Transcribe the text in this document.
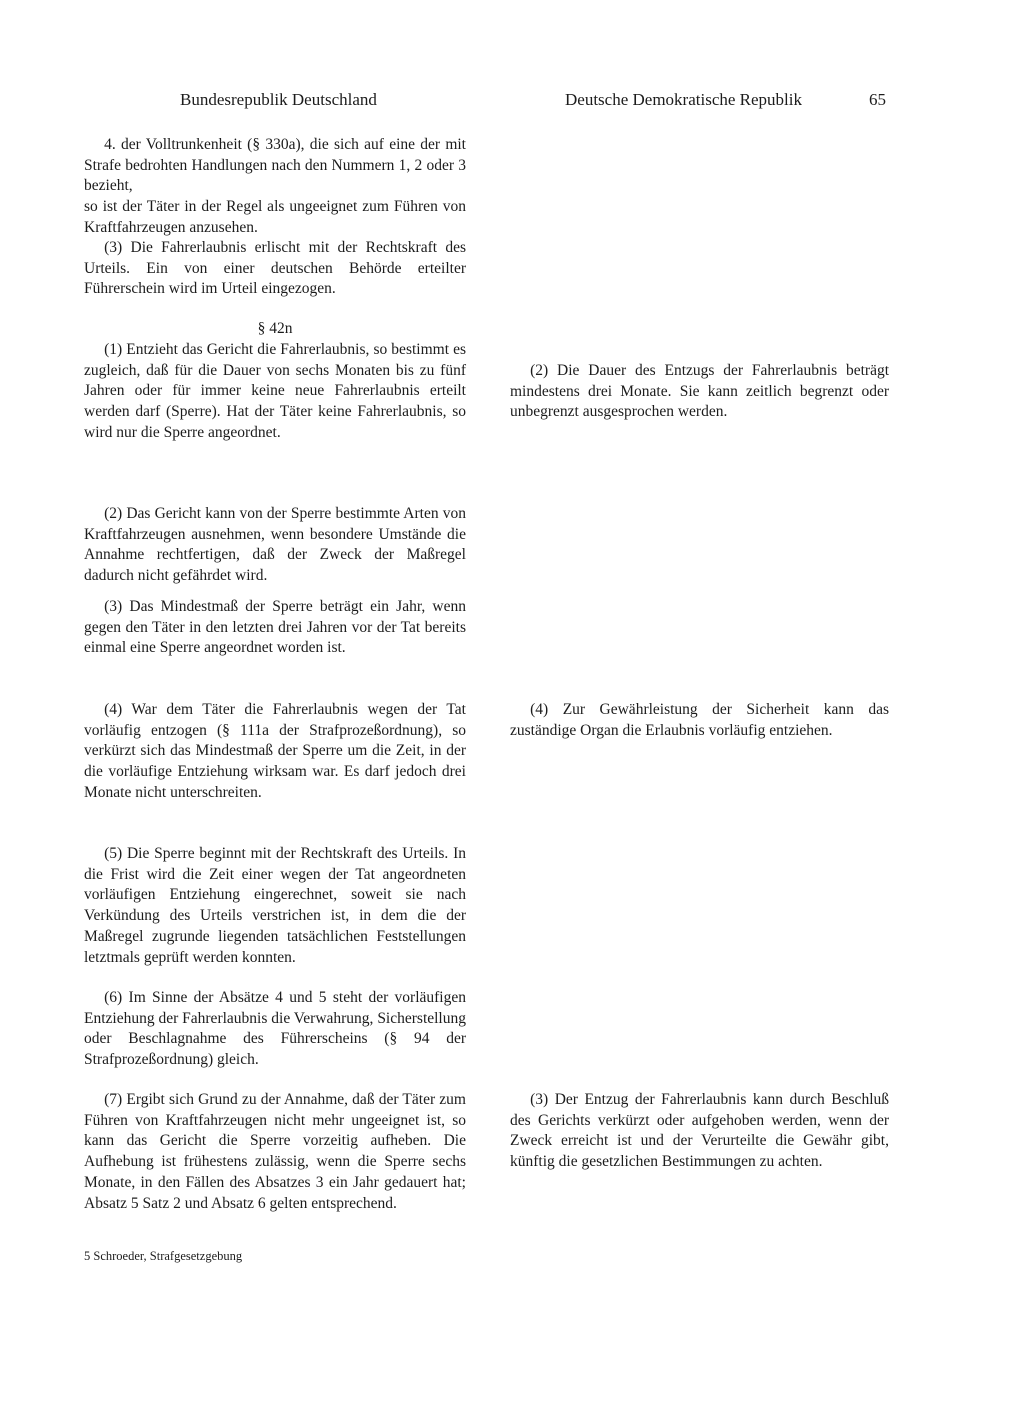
Bundesrepublik Deutschland	Deutsche Demokratische Republik	65

4. der Volltrunkenheit (§ 330a), die sich auf eine der mit Strafe bedrohten Handlungen nach den Nummern 1, 2 oder 3 bezieht,

so ist der Täter in der Regel als ungeeignet zum Führen von Kraftfahrzeugen anzusehen.

(3) Die Fahrerlaubnis erlischt mit der Rechtskraft des Urteils. Ein von einer deutschen Behörde erteilter Führerschein wird im Urteil eingezogen.

§ 42n

(1) Entzieht das Gericht die Fahrerlaubnis, so bestimmt es zugleich, daß für die Dauer von sechs Monaten bis zu fünf Jahren oder für immer keine neue Fahrerlaubnis erteilt werden darf (Sperre). Hat der Täter keine Fahrerlaubnis, so wird nur die Sperre angeordnet.

(2) Das Gericht kann von der Sperre bestimmte Arten von Kraftfahrzeugen ausnehmen, wenn besondere Umstände die Annahme rechtfertigen, daß der Zweck der Maßregel dadurch nicht gefährdet wird.

(3) Das Mindestmaß der Sperre beträgt ein Jahr, wenn gegen den Täter in den letzten drei Jahren vor der Tat bereits einmal eine Sperre angeordnet worden ist.

(4) War dem Täter die Fahrerlaubnis wegen der Tat vorläufig entzogen (§ 111a der Strafprozeßordnung), so verkürzt sich das Mindestmaß der Sperre um die Zeit, in der die vorläufige Entziehung wirksam war. Es darf jedoch drei Monate nicht unterschreiten.

(5) Die Sperre beginnt mit der Rechtskraft des Urteils. In die Frist wird die Zeit einer wegen der Tat angeordneten vorläufigen Entziehung eingerechnet, soweit sie nach Verkündung des Urteils verstrichen ist, in dem die der Maßregel zugrunde liegenden tatsächlichen Feststellungen letztmals geprüft werden konnten.

(6) Im Sinne der Absätze 4 und 5 steht der vorläufigen Entziehung der Fahrerlaubnis die Verwahrung, Sicherstellung oder Beschlagnahme des Führerscheins (§ 94 der Strafprozeßordnung) gleich.

(7) Ergibt sich Grund zu der Annahme, daß der Täter zum Führen von Kraftfahrzeugen nicht mehr ungeeignet ist, so kann das Gericht die Sperre vorzeitig aufheben. Die Aufhebung ist frühestens zulässig, wenn die Sperre sechs Monate, in den Fällen des Absatzes 3 ein Jahr gedauert hat; Absatz 5 Satz 2 und Absatz 6 gelten entsprechend.

(2) Die Dauer des Entzugs der Fahrerlaubnis beträgt mindestens drei Monate. Sie kann zeitlich begrenzt oder unbegrenzt ausgesprochen werden.

(4) Zur Gewährleistung der Sicherheit kann das zuständige Organ die Erlaubnis vorläufig entziehen.

(3) Der Entzug der Fahrerlaubnis kann durch Beschluß des Gerichts verkürzt oder aufgehoben werden, wenn der Zweck erreicht ist und der Verurteilte die Gewähr gibt, künftig die gesetzlichen Bestimmungen zu achten.

5 Schroeder, Strafgesetzgebung
